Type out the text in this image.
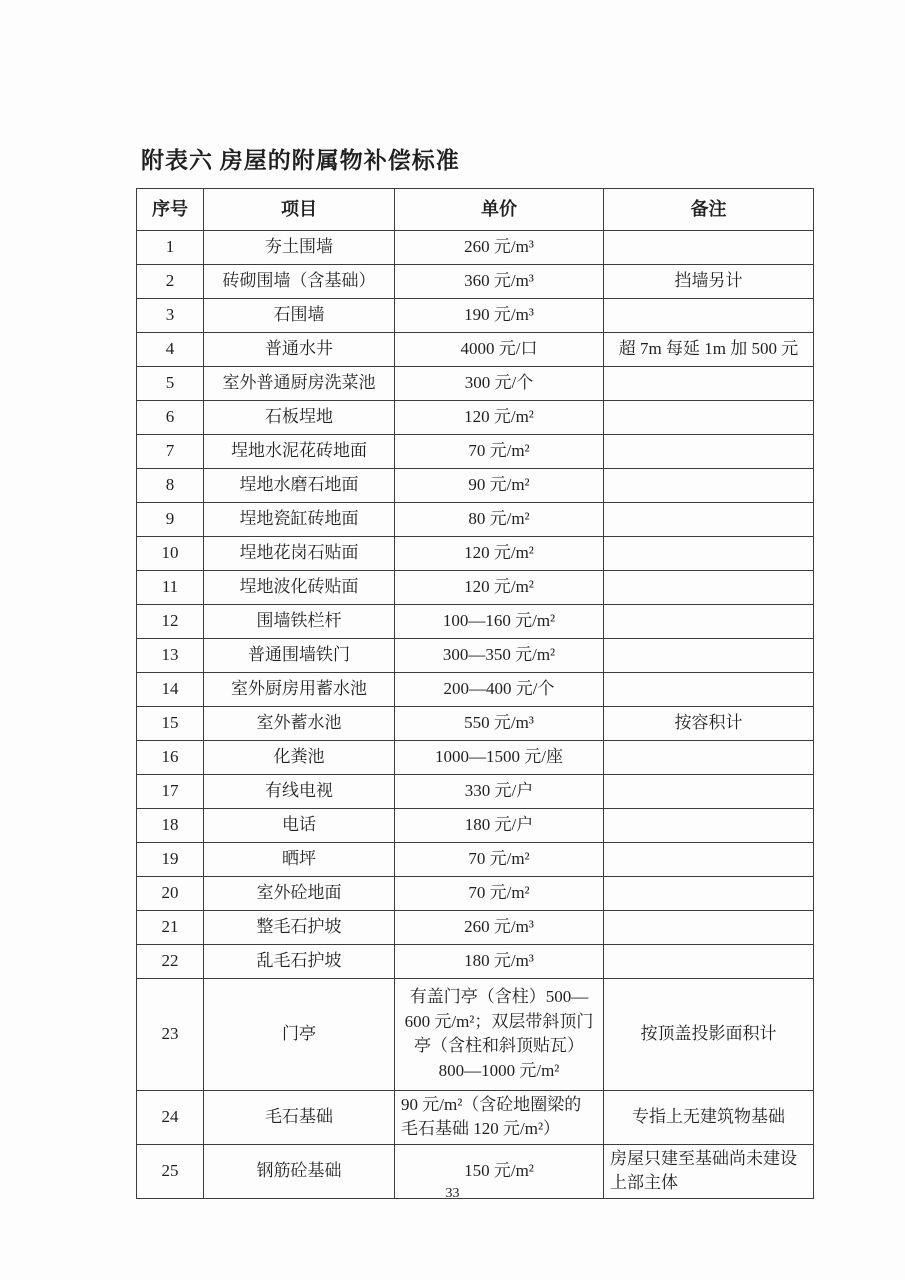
附表六 房屋的附属物补偿标准
序号	项目	单价	备注
1	夯土围墙	260 元/m³	
2	砖砌围墙（含基础）	360 元/m³	挡墙另计
3	石围墙	190 元/m³	
4	普通水井	4000 元/口	超 7m 每延 1m 加 500 元
5	室外普通厨房洗菜池	300 元/个	
6	石板埕地	120 元/m²	
7	埕地水泥花砖地面	70 元/m²	
8	埕地水磨石地面	90 元/m²	
9	埕地瓷缸砖地面	80 元/m²	
10	埕地花岗石贴面	120 元/m²	
11	埕地波化砖贴面	120 元/m²	
12	围墙铁栏杆	100—160 元/m²	
13	普通围墙铁门	300—350 元/m²	
14	室外厨房用蓄水池	200—400 元/个	
15	室外蓄水池	550 元/m³	按容积计
16	化粪池	1000—1500 元/座	
17	有线电视	330 元/户	
18	电话	180 元/户	
19	晒坪	70 元/m²	
20	室外砼地面	70 元/m²	
21	整毛石护坡	260 元/m³	
22	乱毛石护坡	180 元/m³	
23	门亭	有盖门亭（含柱）500—600 元/m²；双层带斜顶门亭（含柱和斜顶贴瓦）800—1000 元/m²	按顶盖投影面积计
24	毛石基础	90 元/m²（含砼地圈梁的毛石基础 120 元/m²）	专指上无建筑物基础
25	钢筋砼基础	150 元/m²	房屋只建至基础尚未建设上部主体
33
